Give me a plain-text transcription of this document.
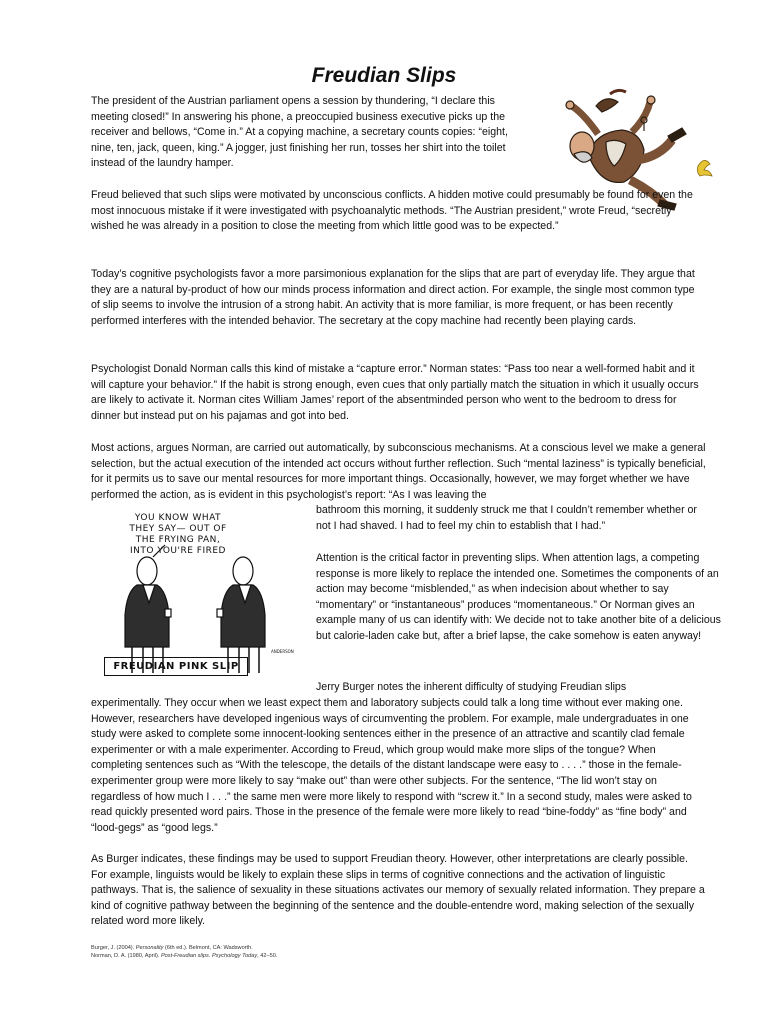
Freudian Slips

The president of the Austrian parliament opens a session by thundering, “I declare this meeting closed!” In answering his phone, a preoccupied business executive picks up the receiver and bellows, “Come in.” At a copying machine, a secretary counts copies: “eight, nine, ten, jack, queen, king.” A jogger, just finishing her run, tosses her shirt into the toilet instead of the laundry hamper.

Freud believed that such slips were motivated by unconscious conflicts. A hidden motive could presumably be found for even the most innocuous mistake if it were investigated with psychoanalytic methods. “The Austrian president,” wrote Freud, “secretly wished he was already in a position to close the meeting from which little good was to be expected.”

Today’s cognitive psychologists favor a more parsimonious explanation for the slips that are part of everyday life. They argue that they are a natural by-product of how our minds process information and direct action. For example, the single most common type of slip seems to involve the intrusion of a strong habit. An activity that is more familiar, is more frequent, or has been recently performed interferes with the intended behavior. The secretary at the copy machine had recently been playing cards.

Psychologist Donald Norman calls this kind of mistake a “capture error.” Norman states: “Pass too near a well-formed habit and it will capture your behavior.” If the habit is strong enough, even cues that only partially match the situation in which it usually occurs are likely to activate it. Norman cites William James’ report of the absentminded person who went to the bedroom to dress for dinner but instead put on his pajamas and got into bed.

Most actions, argues Norman, are carried out automatically, by subconscious mechanisms. At a conscious level we make a general selection, but the actual execution of the intended act occurs without further reflection. Such “mental laziness” is typically beneficial, for it permits us to save our mental resources for more important things. Occasionally, however, we may forget whether we have performed the action, as is evident in this psychologist’s report: “As I was leaving the

bathroom this morning, it suddenly struck me that I couldn’t remember whether or not I had shaved. I had to feel my chin to establish that I had.”

ANDERSON
YOU KNOW WHAT THEY SAY— OUT OF THE FRYING PAN, INTO YOU'RE FIRED
FREUDIAN PINK SLIP

Attention is the critical factor in preventing slips. When attention lags, a competing response is more likely to replace the intended one. Sometimes the components of an action may become “misblended,” as when indecision about whether to say “momentary” or “instantaneous” produces “momentaneous.” Or Norman gives an example many of us can identify with: We decide not to take another bite of a delicious but calorie-laden cake but, after a brief lapse, the cake somehow is eaten anyway!

Jerry Burger notes the inherent difficulty of studying Freudian slips

experimentally. They occur when we least expect them and laboratory subjects could talk a long time without ever making one. However, researchers have developed ingenious ways of circumventing the problem. For example, male undergraduates in one study were asked to complete some innocent-looking sentences either in the presence of an attractive and scantily clad female experimenter or with a male experimenter. According to Freud, which group would make more slips of the tongue? When completing sentences such as “With the telescope, the details of the distant landscape were easy to . . . .” those in the female-experimenter group were more likely to say “make out” than were other subjects. For the sentence, “The lid won’t stay on regardless of how much I . . .” the same men were more likely to respond with “screw it.” In a second study, males were asked to read quickly presented word pairs. Those in the presence of the female were more likely to read “bine-foddy” as “fine body” and “lood-gegs” as “good legs.”

As Burger indicates, these findings may be used to support Freudian theory. However, other interpretations are clearly possible. For example, linguists would be likely to explain these slips in terms of cognitive connections and the activation of linguistic pathways. That is, the salience of sexuality in these situations activates our memory of sexually related information. They prepare a kind of cognitive pathway between the beginning of the sentence and the double-entendre word, making selection of the sexually related word more likely.

Burger, J. (2004). Personality (6th ed.). Belmont, CA: Wadsworth.
Norman, D. A. (1980, April). Post-Freudian slips. Psychology Today, 42–50.
